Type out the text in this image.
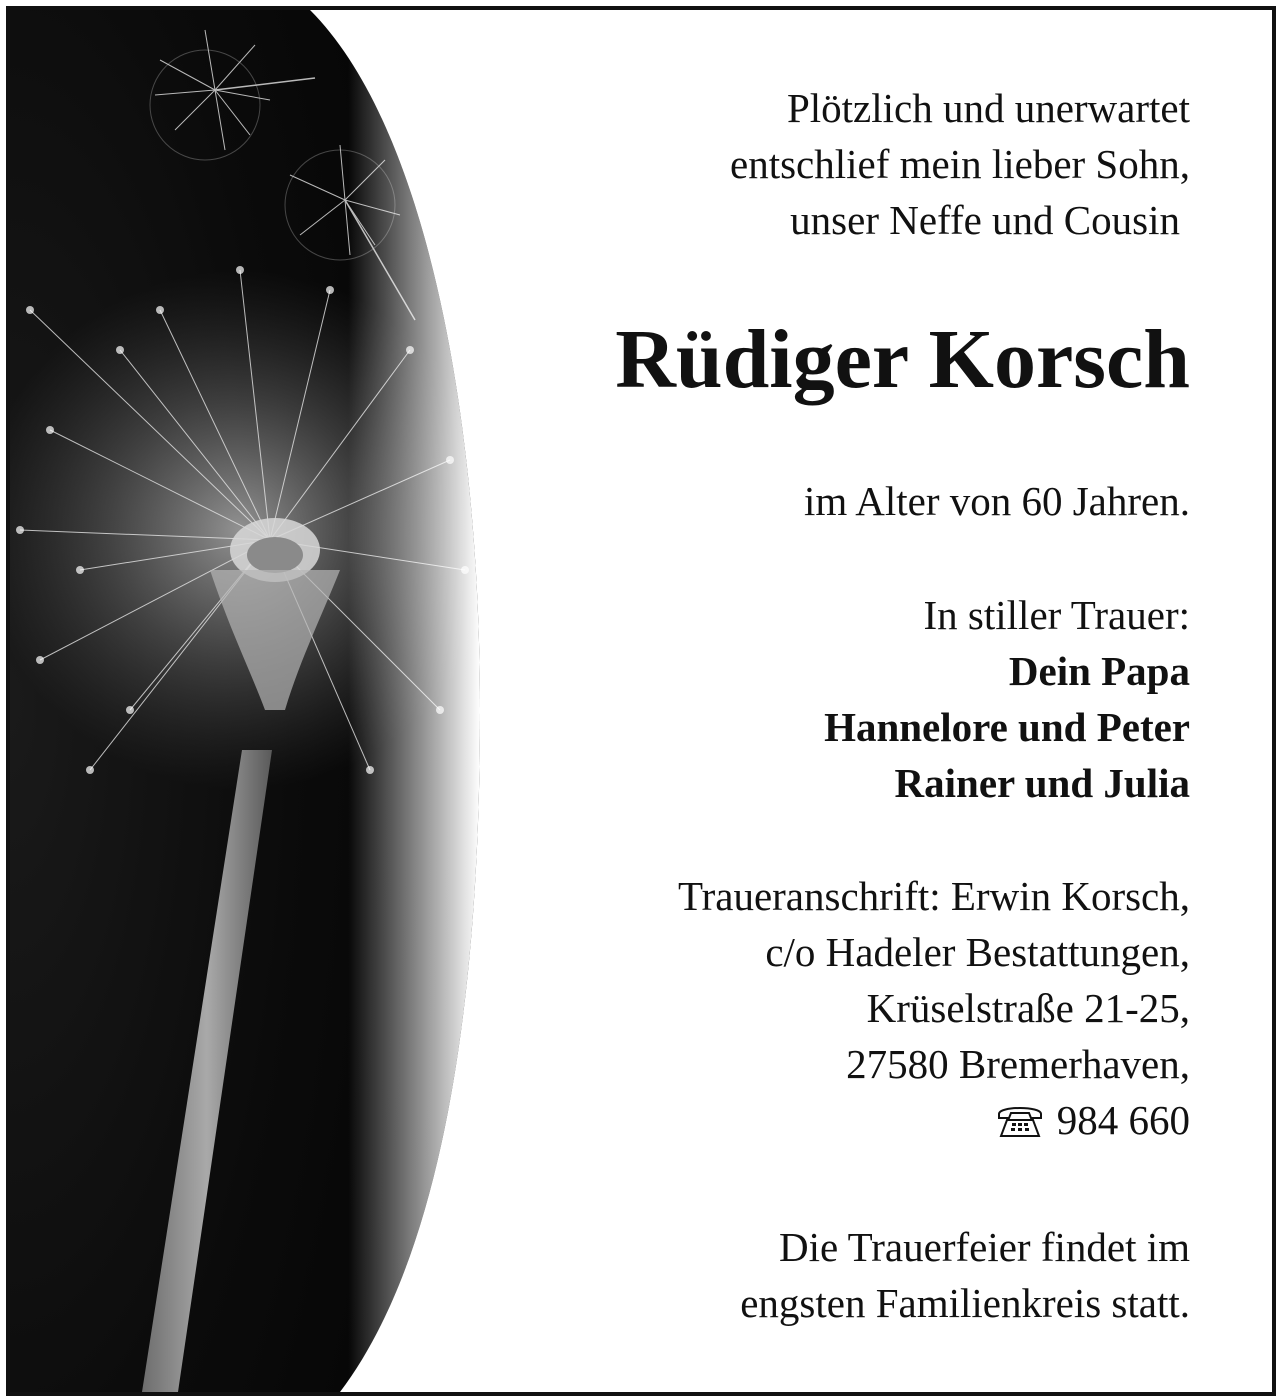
Plötzlich und unerwartet
entschlief mein lieber Sohn,
unser Neffe und Cousin
Rüdiger Korsch
im Alter von 60 Jahren.
In stiller Trauer:
Dein Papa
Hannelore und Peter
Rainer und Julia
Traueranschrift: Erwin Korsch,
c/o Hadeler Bestattungen,
Krüselstraße 21-25,
27580 Bremerhaven,
984 660
Die Trauerfeier findet im
engsten Familienkreis statt.
